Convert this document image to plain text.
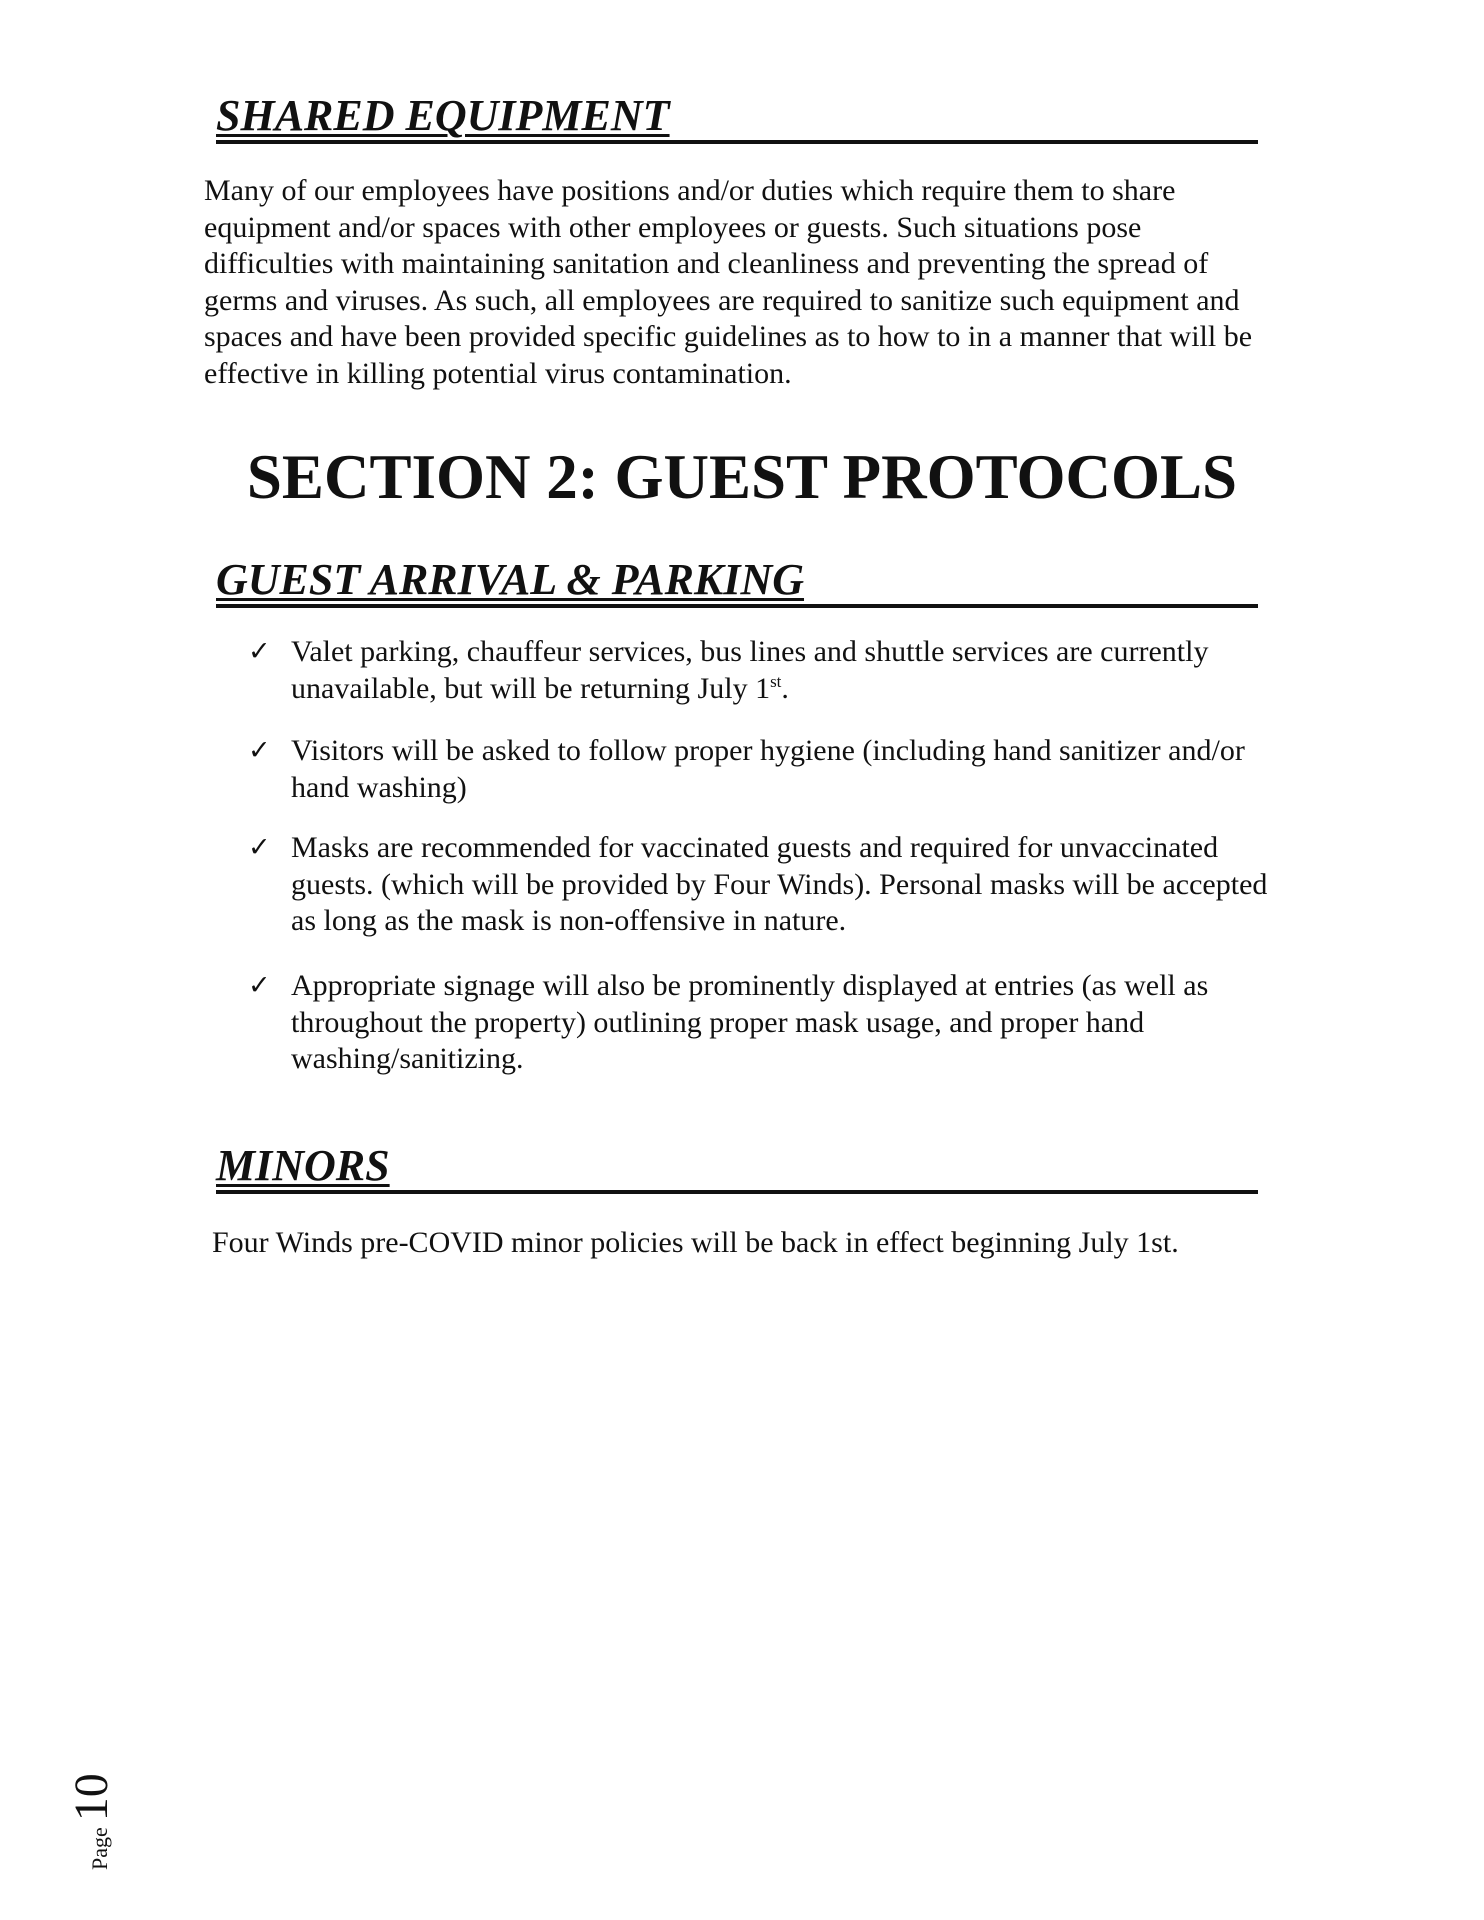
SHARED EQUIPMENT

Many of our employees have positions and/or duties which require them to share equipment and/or spaces with other employees or guests. Such situations pose difficulties with maintaining sanitation and cleanliness and preventing the spread of germs and viruses. As such, all employees are required to sanitize such equipment and spaces and have been provided specific guidelines as to how to in a manner that will be effective in killing potential virus contamination.

SECTION 2: GUEST PROTOCOLS
GUEST ARRIVAL & PARKING
✓ Valet parking, chauffeur services, bus lines and shuttle services are currently unavailable, but will be returning July 1st.

✓ Visitors will be asked to follow proper hygiene (including hand sanitizer and/or hand washing)

✓ Masks are recommended for vaccinated guests and required for unvaccinated guests. (which will be provided by Four Winds). Personal masks will be accepted as long as the mask is non-offensive in nature.

✓ Appropriate signage will also be prominently displayed at entries (as well as throughout the property) outlining proper mask usage, and proper hand washing/sanitizing.

MINORS

Four Winds pre-COVID minor policies will be back in effect beginning July 1st.

Page10
